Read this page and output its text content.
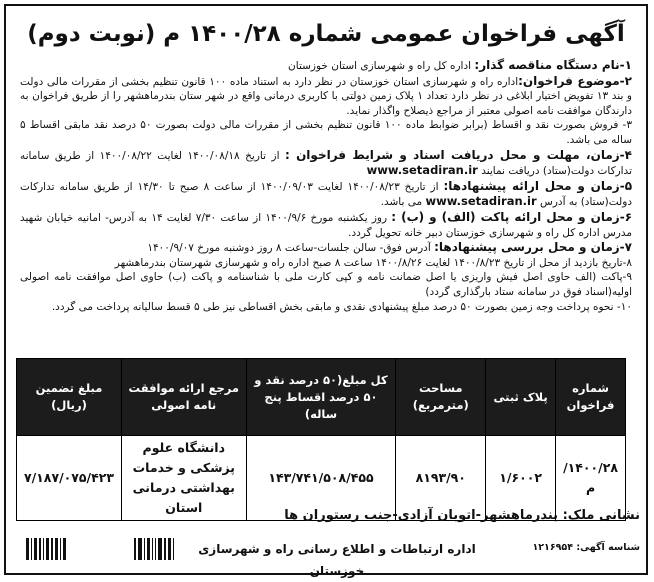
آگهی فراخوان عمومی شماره ۱۴۰۰/۲۸ م (نوبت دوم)

۱-نام دستگاه مناقصه گذار: اداره کل راه و شهرسازی استان خوزستان

۲-موضوع فراخوان:اداره راه و شهرسازی استان خوزستان در نظر دارد به استناد ماده ۱۰۰ قانون تنظیم بخشی از مقررات مالی دولت و بند ۱۳ تفویض اختیار ابلاغی در نظر دارد تعداد ۱ پلاک زمین دولتی با کاربری درمانی واقع در شهر ستان بندرماهشهر را از طریق فراخوان به دارندگان موافقت نامه اصولی معتبر از مراجع ذیصلاح واگذار نماید.

۳- فروش بصورت نقد و اقساط (برابر ضوابط ماده ۱۰۰ قانون تنظیم بخشی از مقررات مالی دولت بصورت ۵۰ درصد نقد مابقی اقساط ۵ ساله می باشد.

۴-زمان، مهلت و محل دریافت اسناد و شرایط فراخوان : از تاریخ ۱۴۰۰/۰۸/۱۸ لغایت ۱۴۰۰/۰۸/۲۲ از طریق سامانه تدارکات دولت(ستاد) دریافت نمایند www.setadiran.ir

۵-زمان و محل ارائه پیشنهادها: از تاریخ ۱۴۰۰/۰۸/۲۳ لغایت ۱۴۰۰/۰۹/۰۳ از ساعت ۸ صبح تا ۱۴/۳۰ از طریق سامانه تدارکات دولت(ستاد) به آدرس www.setadiran.ir می باشد.

۶-زمان و محل ارائه پاکت (الف) و (ب) : روز یکشنبه مورخ ۱۴۰۰/۹/۶ از ساعت ۷/۳۰ لغایت ۱۴ به آدرس- امانیه خیابان شهید مدرس اداره کل راه و شهرسازی خوزستان دبیر خانه تحویل گردد.

۷-زمان و محل بررسی پیشنهادها: آدرس فوق- سالن جلسات-ساعت ۸ روز دوشنبه مورخ ۱۴۰۰/۹/۰۷

۸-تاریخ بازدید از محل از تاریخ ۱۴۰۰/۸/۲۳ لغایت ۱۴۰۰/۸/۲۶ ساعت ۸ صبح اداره راه و شهرسازی شهرستان بندرماهشهر

۹-پاکت (الف حاوی اصل فیش واریزی یا اصل ضمانت نامه و کپی کارت ملی با شناسنامه و پاکت (ب) حاوی اصل موافقت نامه اصولی اولیه(اسناد فوق در سامانه ستاد بارگذاری گردد)

۱۰- نحوه پرداخت وجه زمین بصورت ۵۰ درصد مبلغ پیشنهادی نقدی و مابقی بخش اقساطی نیز طی ۵ قسط سالیانه پرداخت می گردد.

شماره فراخوان	پلاک ثبتی	مساحت (مترمربع)	کل مبلغ(۵۰ درصد نقد و ۵۰ درصد اقساط پنج ساله)	مرجع ارائه موافقت نامه اصولی	مبلغ تضمین (ریال)
۱۴۰۰/۲۸/م	۱/۶۰۰۲	۸۱۹۳/۹۰	۱۴۳/۷۴۱/۵۰۸/۴۵۵	دانشگاه علوم پزشکی و خدمات بهداشتی درمانی استان	۷/۱۸۷/۰۷۵/۴۲۳
نشانی ملک: بندرماهشهر-اتوبان آزادی-جنب رستوران ها
اداره ارتباطات و اطلاع رسانی راه و شهرسازی خوزستان
شناسه آگهی: ۱۲۱۶۹۵۴
